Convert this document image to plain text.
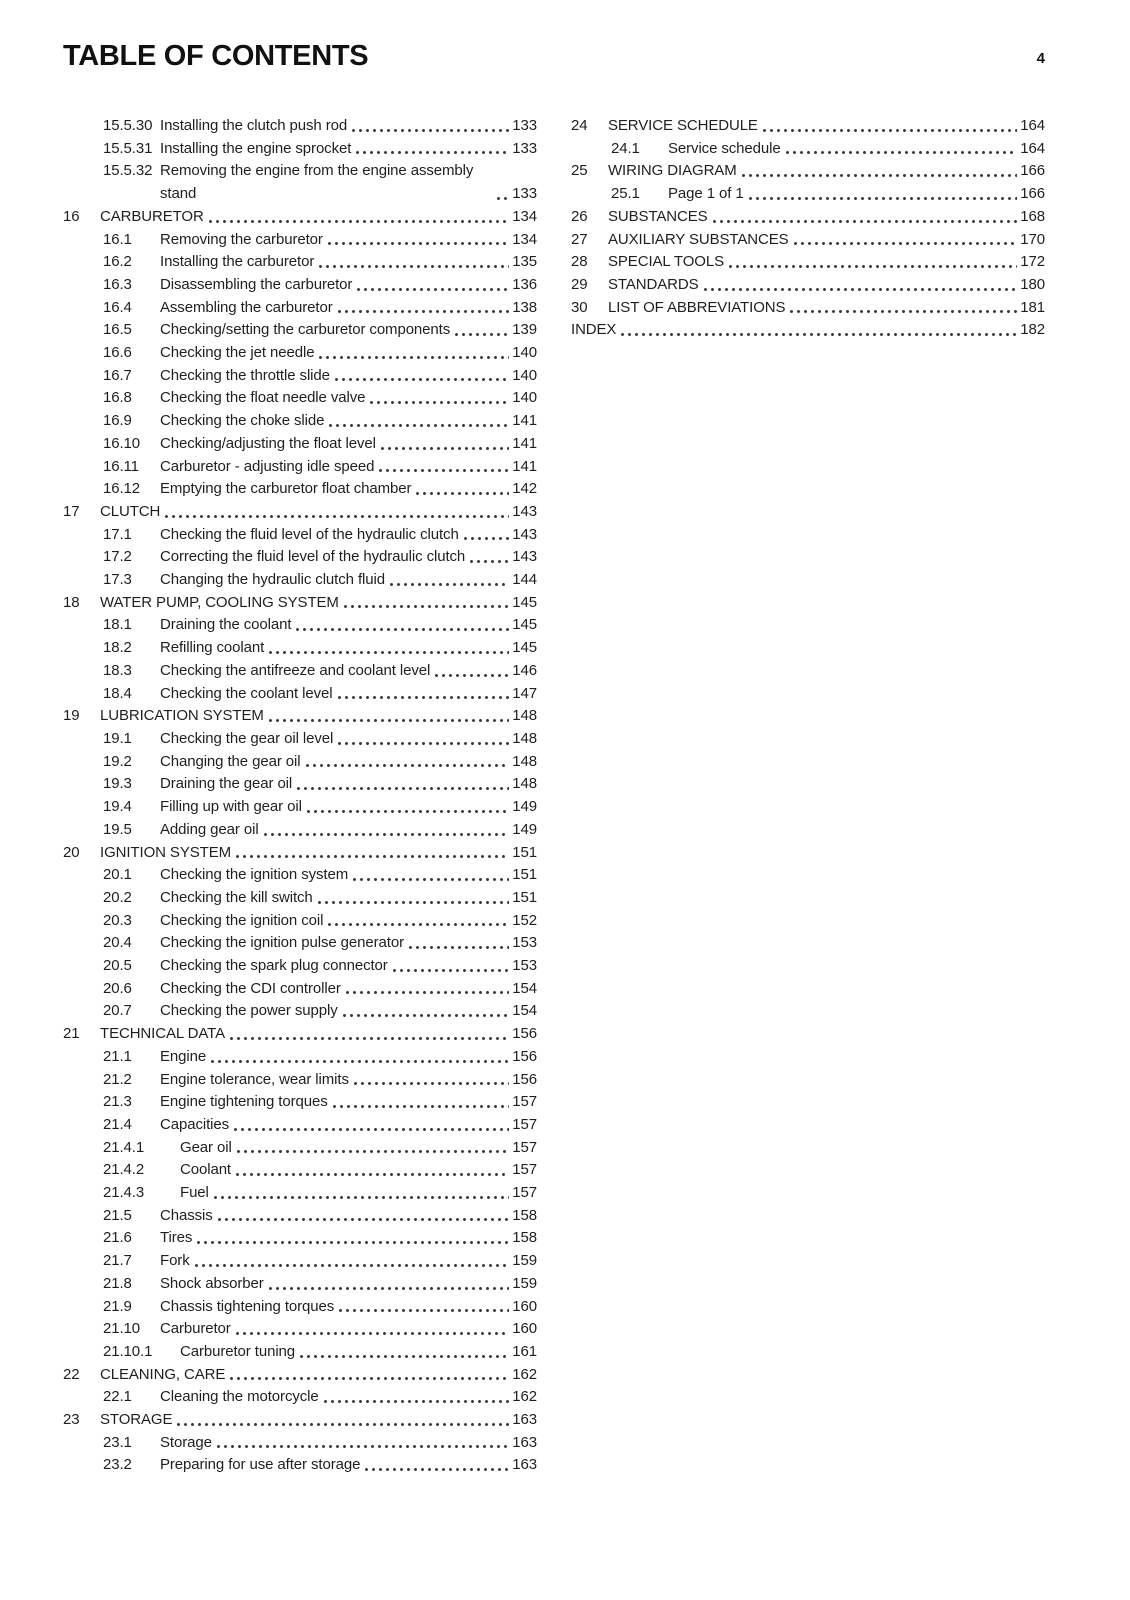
TABLE OF CONTENTS	4
15.5.30 Installing the clutch push rod	133
15.5.31 Installing the engine sprocket	133
15.5.32 Removing the engine from the engine assembly stand	133
16	CARBURETOR	134
16.1	Removing the carburetor	134
16.2	Installing the carburetor	135
16.3	Disassembling the carburetor	136
16.4	Assembling the carburetor	138
16.5	Checking/setting the carburetor components	139
16.6	Checking the jet needle	140
16.7	Checking the throttle slide	140
16.8	Checking the float needle valve	140
16.9	Checking the choke slide	141
16.10	Checking/adjusting the float level	141
16.11	Carburetor - adjusting idle speed	141
16.12	Emptying the carburetor float chamber	142
17	CLUTCH	143
17.1	Checking the fluid level of the hydraulic clutch	143
17.2	Correcting the fluid level of the hydraulic clutch	143
17.3	Changing the hydraulic clutch fluid	144
18	WATER PUMP, COOLING SYSTEM	145
18.1	Draining the coolant	145
18.2	Refilling coolant	145
18.3	Checking the antifreeze and coolant level	146
18.4	Checking the coolant level	147
19	LUBRICATION SYSTEM	148
19.1	Checking the gear oil level	148
19.2	Changing the gear oil	148
19.3	Draining the gear oil	148
19.4	Filling up with gear oil	149
19.5	Adding gear oil	149
20	IGNITION SYSTEM	151
20.1	Checking the ignition system	151
20.2	Checking the kill switch	151
20.3	Checking the ignition coil	152
20.4	Checking the ignition pulse generator	153
20.5	Checking the spark plug connector	153
20.6	Checking the CDI controller	154
20.7	Checking the power supply	154
21	TECHNICAL DATA	156
21.1	Engine	156
21.2	Engine tolerance, wear limits	156
21.3	Engine tightening torques	157
21.4	Capacities	157
21.4.1	Gear oil	157
21.4.2	Coolant	157
21.4.3	Fuel	157
21.5	Chassis	158
21.6	Tires	158
21.7	Fork	159
21.8	Shock absorber	159
21.9	Chassis tightening torques	160
21.10	Carburetor	160
21.10.1	Carburetor tuning	161
22	CLEANING, CARE	162
22.1	Cleaning the motorcycle	162
23	STORAGE	163
23.1	Storage	163
23.2	Preparing for use after storage	163
24	SERVICE SCHEDULE	164
24.1	Service schedule	164
25	WIRING DIAGRAM	166
25.1	Page 1 of 1	166
26	SUBSTANCES	168
27	AUXILIARY SUBSTANCES	170
28	SPECIAL TOOLS	172
29	STANDARDS	180
30	LIST OF ABBREVIATIONS	181
INDEX	182
